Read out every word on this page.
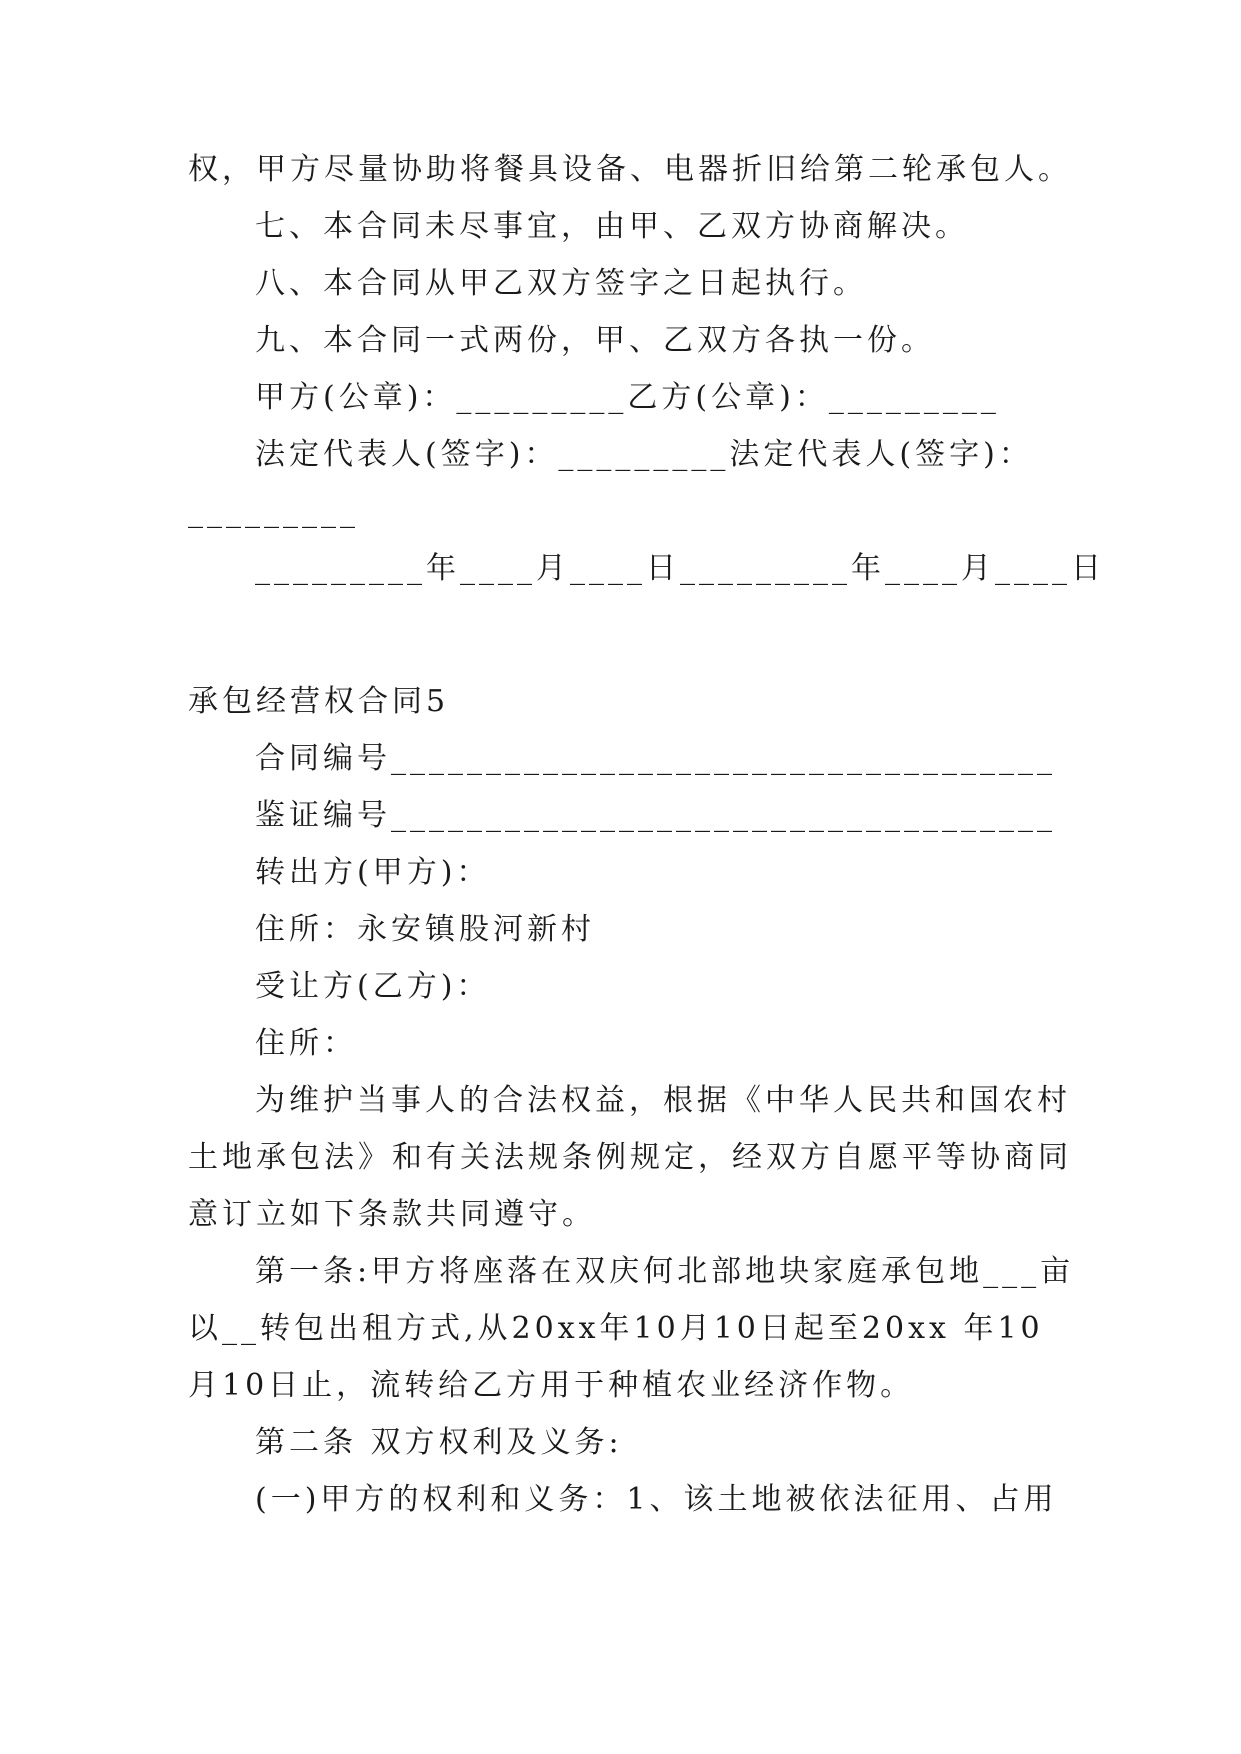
权，甲方尽量协助将餐具设备、电器折旧给第二轮承包人。

七、本合同未尽事宜，由甲、乙双方协商解决。

八、本合同从甲乙双方签字之日起执行。

九、本合同一式两份，甲、乙双方各执一份。

甲方(公章)：_________乙方(公章)：_________

法定代表人(签字)：_________法定代表人(签字)：

_________

_________年____月____日_________年____月____日

承包经营权合同5

合同编号___________________________________

鉴证编号___________________________________

转出方(甲方)：

住所：永安镇股河新村

受让方(乙方)：

住所：

为维护当事人的合法权益，根据《中华人民共和国农村

土地承包法》和有关法规条例规定，经双方自愿平等协商同

意订立如下条款共同遵守。

第一条:甲方将座落在双庆何北部地块家庭承包地___亩

以__转包出租方式,从20xx年10月10日起至20xx 年10

月10日止，流转给乙方用于种植农业经济作物。

第二条 双方权利及义务:

(一)甲方的权利和义务：1、该土地被依法征用、占用
